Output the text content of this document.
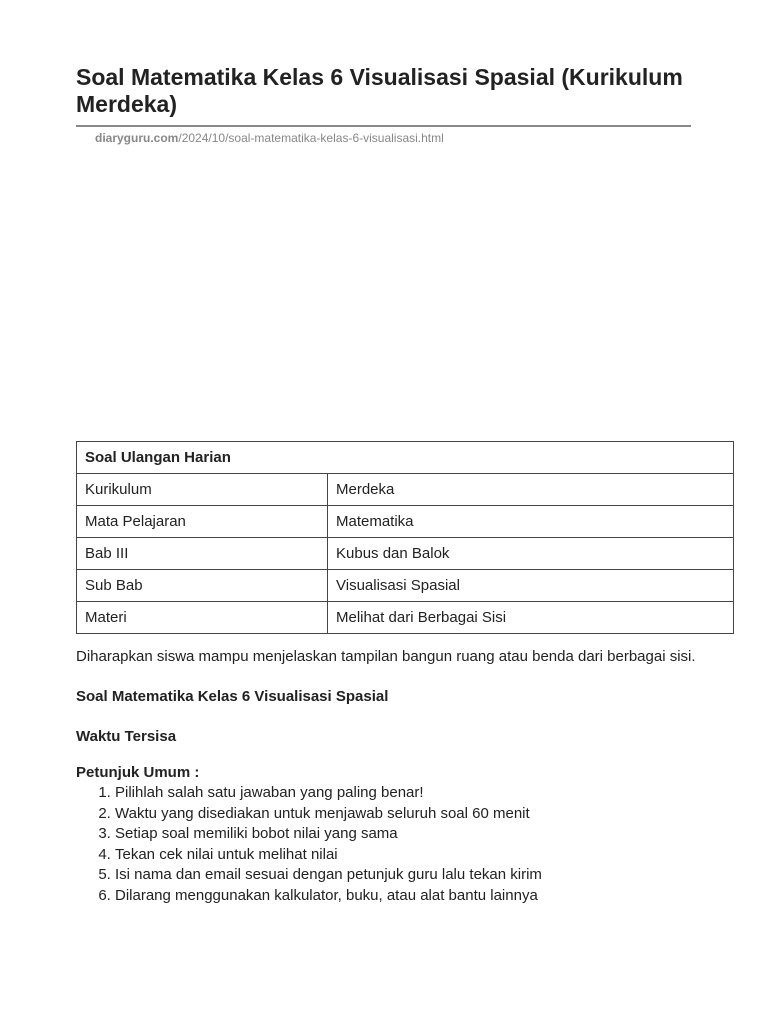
Soal Matematika Kelas 6 Visualisasi Spasial (Kurikulum Merdeka)
diaryguru.com/2024/10/soal-matematika-kelas-6-visualisasi.html
Soal Ulangan Harian	
Kurikulum	Merdeka
Mata Pelajaran	Matematika
Bab III	Kubus dan Balok
Sub Bab	Visualisasi Spasial
Materi	Melihat dari Berbagai Sisi

Diharapkan siswa mampu menjelaskan tampilan bangun ruang atau benda dari berbagai sisi.

Soal Matematika Kelas 6 Visualisasi Spasial

Waktu Tersisa

Petunjuk Umum :

1. Pilihlah salah satu jawaban yang paling benar!
2. Waktu yang disediakan untuk menjawab seluruh soal 60 menit
3. Setiap soal memiliki bobot nilai yang sama
4. Tekan cek nilai untuk melihat nilai
5. Isi nama dan email sesuai dengan petunjuk guru lalu tekan kirim
6. Dilarang menggunakan kalkulator, buku, atau alat bantu lainnya
